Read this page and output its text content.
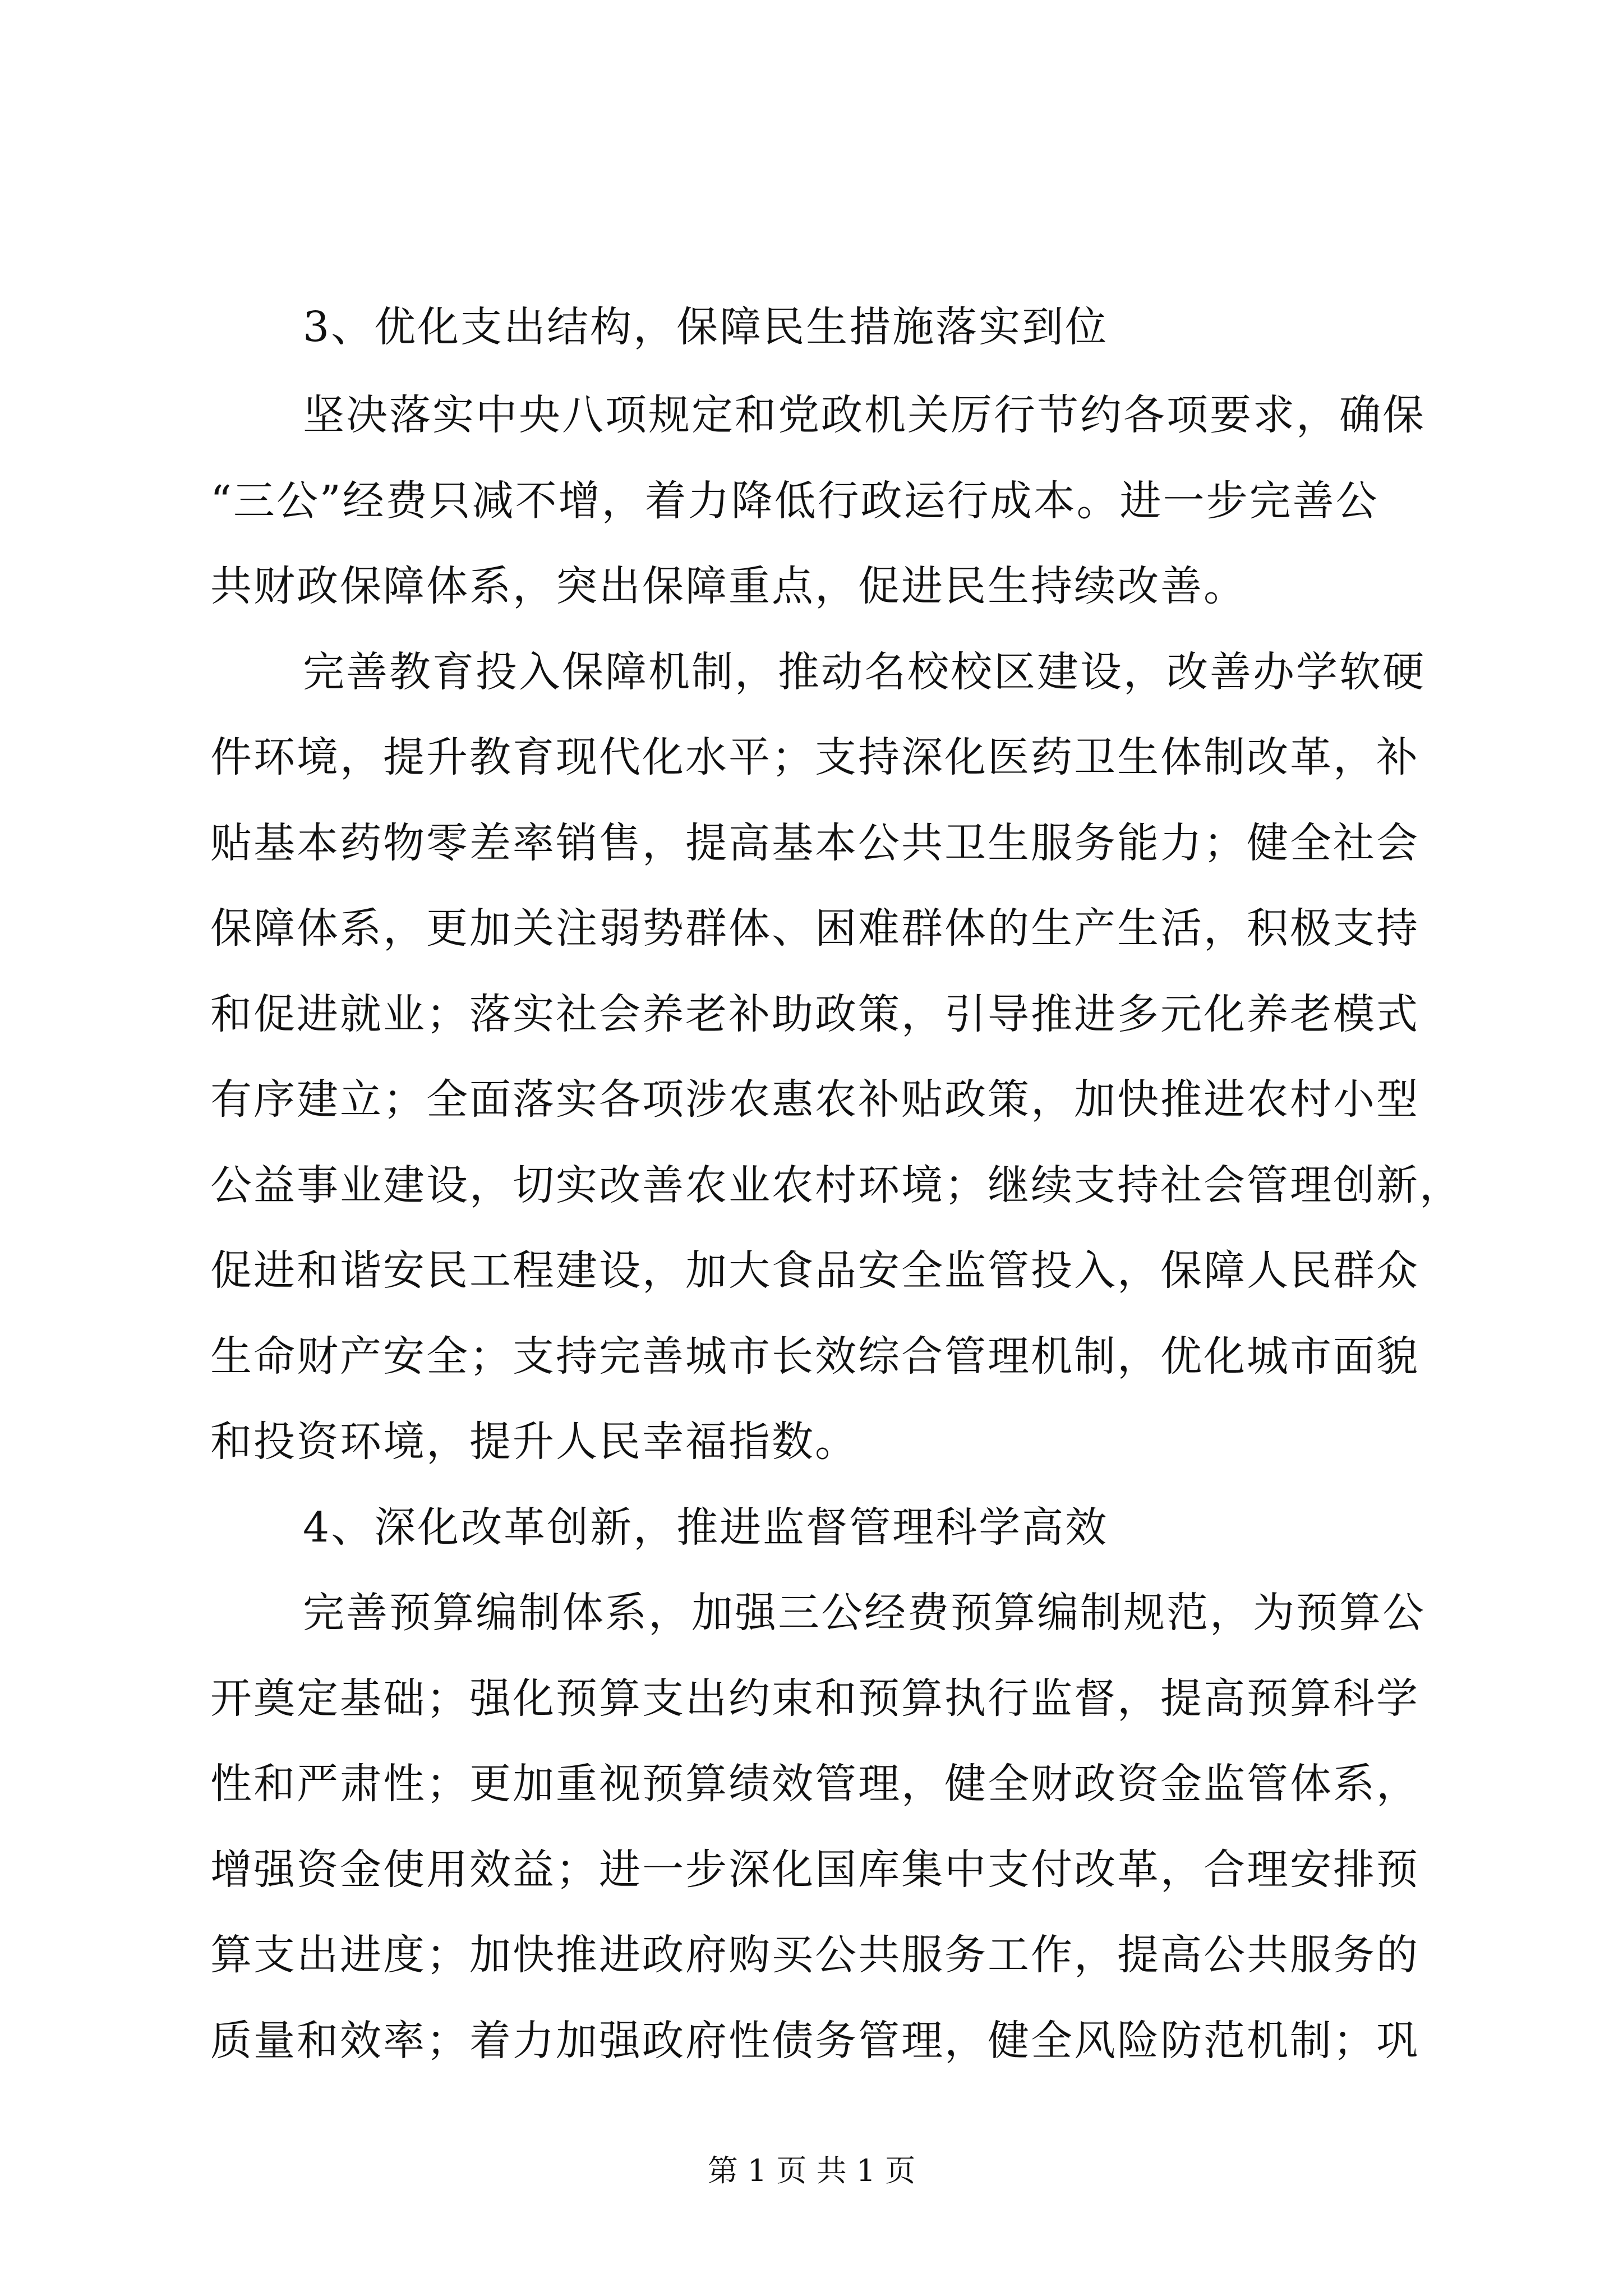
3、优化支出结构，保障民生措施落实到位
坚决落实中央八项规定和党政机关厉行节约各项要求，确保
“三公”经费只减不增，着力降低行政运行成本。进一步完善公
共财政保障体系，突出保障重点，促进民生持续改善。
完善教育投入保障机制，推动名校校区建设，改善办学软硬
件环境，提升教育现代化水平；支持深化医药卫生体制改革，补
贴基本药物零差率销售，提高基本公共卫生服务能力；健全社会
保障体系，更加关注弱势群体、困难群体的生产生活，积极支持
和促进就业；落实社会养老补助政策，引导推进多元化养老模式
有序建立；全面落实各项涉农惠农补贴政策，加快推进农村小型
公益事业建设，切实改善农业农村环境；继续支持社会管理创新，
促进和谐安民工程建设，加大食品安全监管投入，保障人民群众
生命财产安全；支持完善城市长效综合管理机制，优化城市面貌
和投资环境，提升人民幸福指数。
4、深化改革创新，推进监督管理科学高效
完善预算编制体系，加强三公经费预算编制规范，为预算公
开奠定基础；强化预算支出约束和预算执行监督，提高预算科学
性和严肃性；更加重视预算绩效管理，健全财政资金监管体系，
增强资金使用效益；进一步深化国库集中支付改革，合理安排预
算支出进度；加快推进政府购买公共服务工作，提高公共服务的
质量和效率；着力加强政府性债务管理，健全风险防范机制；巩
第 1 页 共 1 页
